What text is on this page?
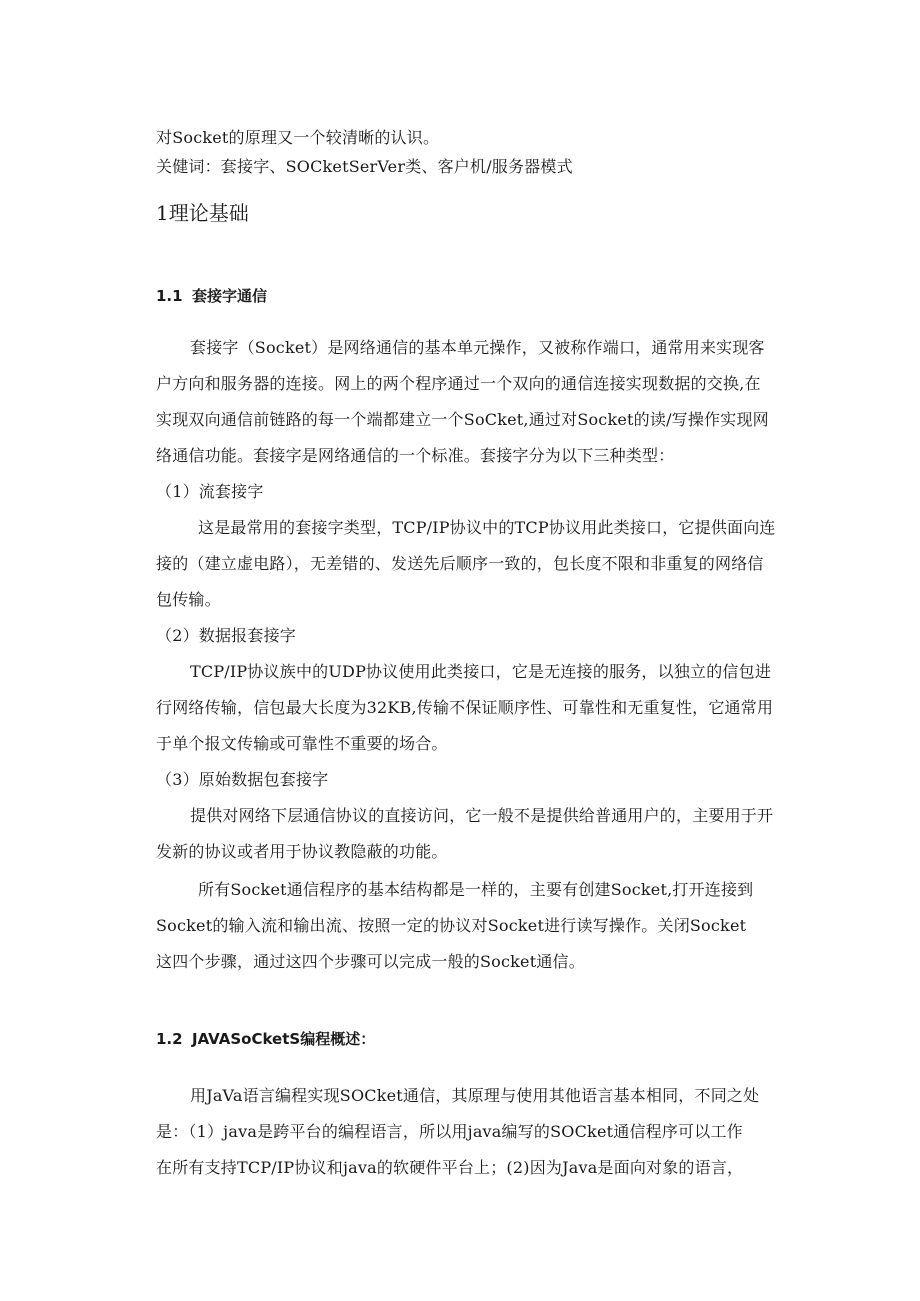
对Socket的原理又一个较清晰的认识。
关健词：套接字、SOCketSerVer类、客户机/服务器模式
1理论基础
1.1 套接字通信
套接字（Socket）是网络通信的基本单元操作，又被称作端口，通常用来实现客
户方向和服务器的连接。网上的两个程序通过一个双向的通信连接实现数据的交换,在
实现双向通信前链路的每一个端都建立一个SoCket,通过对Socket的读/写操作实现网
络通信功能。套接字是网络通信的一个标准。套接字分为以下三种类型：
（1）流套接字
这是最常用的套接字类型，TCP/IP协议中的TCP协议用此类接口，它提供面向连
接的（建立虚电路），无差错的、发送先后顺序一致的，包长度不限和非重复的网络信
包传输。
（2）数据报套接字
TCP/IP协议族中的UDP协议使用此类接口，它是无连接的服务，以独立的信包进
行网络传输，信包最大长度为32KB,传输不保证顺序性、可靠性和无重复性，它通常用
于单个报文传输或可靠性不重要的场合。
（3）原始数据包套接字
提供对网络下层通信协议的直接访问，它一般不是提供给普通用户的，主要用于开
发新的协议或者用于协议教隐蔽的功能。
所有Socket通信程序的基本结构都是一样的，主要有创建Socket,打开连接到
Socket的输入流和输出流、按照一定的协议对Socket进行读写操作。关闭Socket
这四个步骤，通过这四个步骤可以完成一般的Socket通信。
1.2 JAVASoCketS编程概述：
用JaVa语言编程实现SOCket通信，其原理与使用其他语言基本相同，不同之处
是：（1）java是跨平台的编程语言，所以用java编写的SOCket通信程序可以工作
在所有支持TCP/IP协议和java的软硬件平台上；(2)因为Java是面向对象的语言，
